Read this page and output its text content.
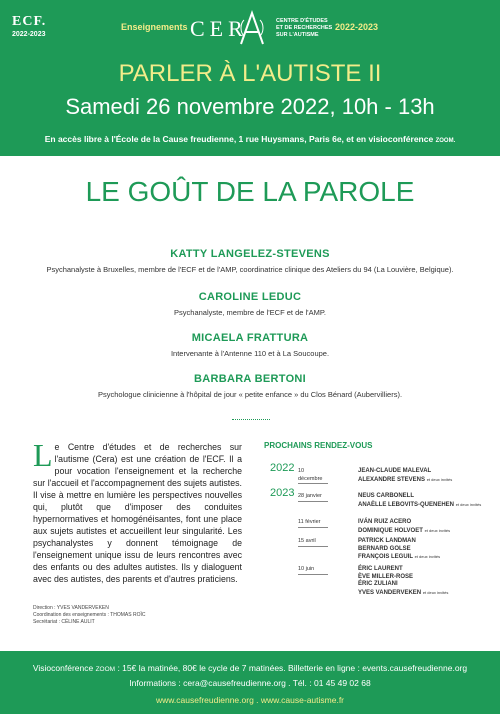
ECF.
2022-2023
Enseignements CER	CENTRE D'ÉTUDES
ET DE RECHERCHES
SUR L'AUTISME
2022-2023
PARLER À L'AUTISTE II
Samedi 26 novembre 2022, 10h - 13h
En accès libre à l'École de la Cause freudienne, 1 rue Huysmans, Paris 6e, et en visioconférence ZOOM.
LE GOÛT DE LA PAROLE
KATTY LANGELEZ-STEVENS
Psychanalyste à Bruxelles, membre de l'ECF et de l'AMP, coordinatrice clinique des Ateliers du 94 (La Louvière, Belgique).
CAROLINE LEDUC
Psychanalyste, membre de l'ECF et de l'AMP.
MICAELA FRATTURA
Intervenante à l'Antenne 110 et à La Soucoupe.
BARBARA BERTONI
Psychologue clinicienne à l'hôpital de jour « petite enfance » du Clos Bénard (Aubervilliers).
Le Centre d'études et de recherches sur l'autisme (Cera) est une création de l'ECF. Il a pour vocation l'enseignement et la recherche sur l'accueil et l'accompagnement des sujets autistes. Il vise à mettre en lumière les perspectives nouvelles qui, plutôt que d'imposer des conduites hypernormatives et homogénéisantes, font une place aux sujets autistes et accueillent leur singularité. Les psychanalystes y donnent témoignage de l'enseignement unique issu de leurs rencontres avec des enfants ou des adultes autistes. Ils y dialoguent avec des autistes, des parents et d'autres praticiens.
Direction : YVES VANDERVEKEN
Coordination des enseignements : THOMAS ROÏC
Secrétariat : CÉLINE AULIT
PROCHAINS RENDEZ-VOUS
2022 10 décembre
JEAN-CLAUDE MALEVAL
ALEXANDRE STEVENS et deux invités
2023 28 janvier	NEUS CARBONELL
ANAËLLE LEBOVITS-QUENEHEN et deux invités
11 février	IVÁN RUIZ ACERO
DOMINIQUE HOLVOET et deux invités
15 avril	PATRICK LANDMAN
BERNARD GOLSE
FRANÇOIS LEGUIL et deux invités
10 juin	ÉRIC LAURENT
ÈVE MILLER-ROSE
ÉRIC ZULIANI
YVES VANDERVEKEN et deux invités
Visioconférence ZOOM : 15€ la matinée, 80€ le cycle de 7 matinées. Billetterie en ligne : events.causefreudienne.org
Informations : cera@causefreudienne.org . Tél. : 01 45 49 02 68
www.causefreudienne.org . www.cause-autisme.fr
